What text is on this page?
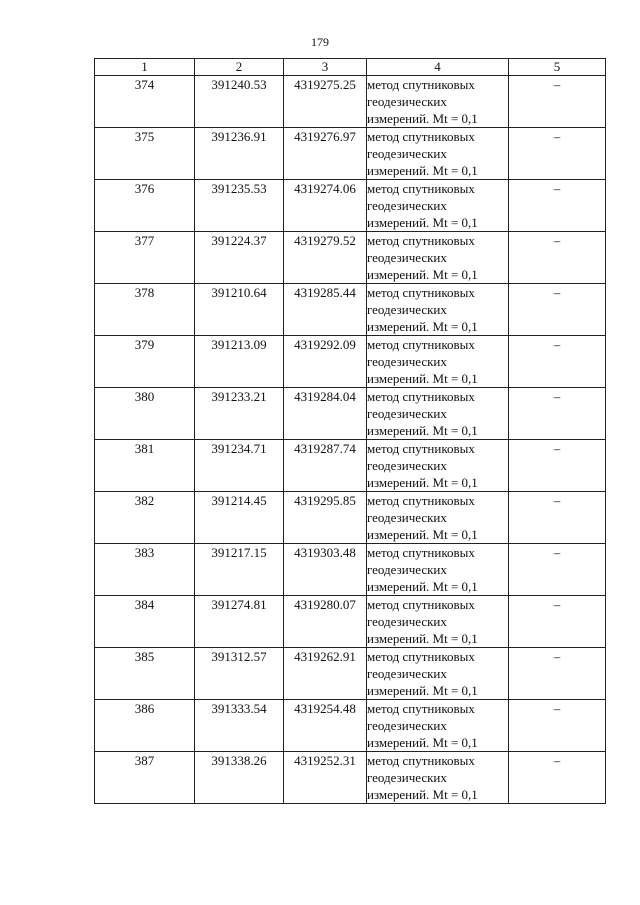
179
1	2	3	4	5
374	391240.53	4319275.25	метод спутниковых
геодезических
измерений. Mt = 0,1	–
375	391236.91	4319276.97	метод спутниковых
геодезических
измерений. Mt = 0,1	–
376	391235.53	4319274.06	метод спутниковых
геодезических
измерений. Mt = 0,1	–
377	391224.37	4319279.52	метод спутниковых
геодезических
измерений. Mt = 0,1	–
378	391210.64	4319285.44	метод спутниковых
геодезических
измерений. Mt = 0,1	–
379	391213.09	4319292.09	метод спутниковых
геодезических
измерений. Mt = 0,1	–
380	391233.21	4319284.04	метод спутниковых
геодезических
измерений. Mt = 0,1	–
381	391234.71	4319287.74	метод спутниковых
геодезических
измерений. Mt = 0,1	–
382	391214.45	4319295.85	метод спутниковых
геодезических
измерений. Mt = 0,1	–
383	391217.15	4319303.48	метод спутниковых
геодезических
измерений. Mt = 0,1	–
384	391274.81	4319280.07	метод спутниковых
геодезических
измерений. Mt = 0,1	–
385	391312.57	4319262.91	метод спутниковых
геодезических
измерений. Mt = 0,1	–
386	391333.54	4319254.48	метод спутниковых
геодезических
измерений. Mt = 0,1	–
387	391338.26	4319252.31	метод спутниковых
геодезических
измерений. Mt = 0,1	–
